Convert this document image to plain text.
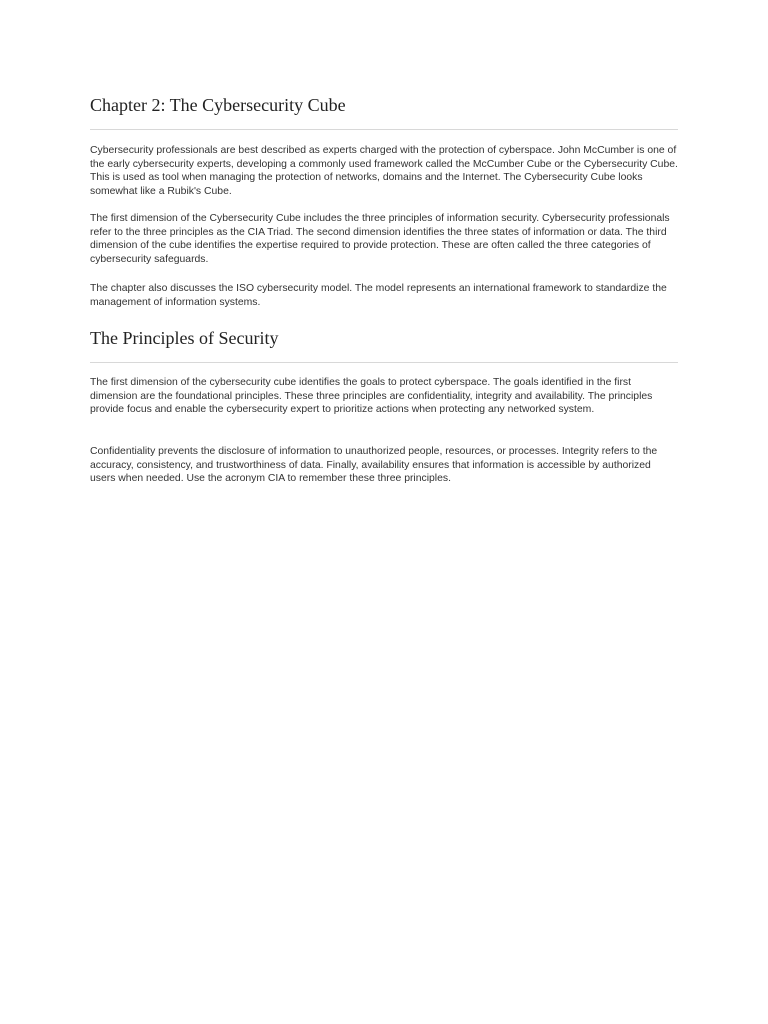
Chapter 2: The Cybersecurity Cube

Cybersecurity professionals are best described as experts charged with the protection of cyberspace. John McCumber is one of the early cybersecurity experts, developing a commonly used framework called the McCumber Cube or the Cybersecurity Cube. This is used as tool when managing the protection of networks, domains and the Internet. The Cybersecurity Cube looks somewhat like a Rubik's Cube.

The first dimension of the Cybersecurity Cube includes the three principles of information security. Cybersecurity professionals refer to the three principles as the CIA Triad. The second dimension identifies the three states of information or data. The third dimension of the cube identifies the expertise required to provide protection. These are often called the three categories of cybersecurity safeguards.

The chapter also discusses the ISO cybersecurity model. The model represents an international framework to standardize the management of information systems.

The Principles of Security

The first dimension of the cybersecurity cube identifies the goals to protect cyberspace. The goals identified in the first dimension are the foundational principles. These three principles are confidentiality, integrity and availability. The principles provide focus and enable the cybersecurity expert to prioritize actions when protecting any networked system.

Confidentiality prevents the disclosure of information to unauthorized people, resources, or processes. Integrity refers to the accuracy, consistency, and trustworthiness of data. Finally, availability ensures that information is accessible by authorized users when needed. Use the acronym CIA to remember these three principles.
